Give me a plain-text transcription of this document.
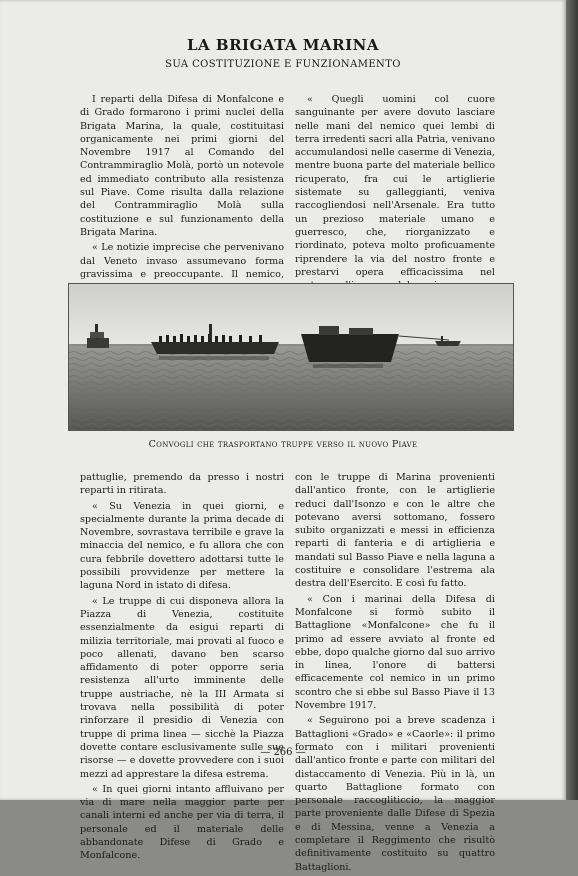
LA BRIGATA MARINA
SUA COSTITUZIONE E FUNZIONAMENTO

I reparti della Difesa di Monfalcone e di Grado formarono i primi nuclei della Brigata Marina, la quale, costituitasi organicamente nei primi giorni del Novembre 1917 al Comando del Contrammiraglio Molà, portò un notevole ed immediato contributo alla resistenza sul Piave. Come risulta dalla relazione del Contrammiraglio Molà sulla costituzione e sul funzionamento della Brigata Marina.

« Le notizie imprecise che pervenivano dal Veneto invaso assumevano forma gravissima e preoccupante. Il nemico,

« Quegli uomini col cuore sanguinante per avere dovuto lasciare nelle mani del nemico quei lembi di terra irredenti sacri alla Patria, venivano accumulandosi nelle caserme di Venezia, mentre buona parte del materiale bellico ricuperato, fra cui le artiglierie sistemate su galleggianti, veniva raccogliendosi nell'Arsenale. Era tutto un prezioso materiale umano e guerresco, che, riorganizzato e riordinato, poteva molto proficuamente riprendere la via del nostro fronte e prestarvi opera efficacissima nel

Convogli che trasportano truppe verso il nuovo Piave

pattuglie, premendo da presso i nostri reparti in ritirata.

« Su Venezia in quei giorni, e specialmente durante la prima decade di Novembre, sovrastava terribile e grave la minaccia del nemico, e fu allora che con cura febbrile dovettero adottarsi tutte le possibili provvidenze per mettere la laguna Nord in istato di difesa.

« Le truppe di cui disponeva allora la Piazza di Venezia, costituite essenzialmente da esigui reparti di milizia territoriale, mai provati al fuoco e poco allenati, davano ben scarso affidamento di poter opporre seria resistenza all'urto imminente delle truppe austriache, nè la III Armata si trovava nella possibilità di poter rinforzare il presidio di Venezia con truppe di prima linea — sicchè la Piazza dovette contare esclusivamente sulle sue risorse — e dovette provvedere con i suoi mezzi ad apprestare la difesa estrema.

« In quei giorni intanto affluivano per via di mare nella maggior parte per canali interni ed anche per via di terra, il personale ed il materiale delle abbandonate Difese di Grado e Monfalcone.

con le truppe di Marina provenienti dall'antico fronte, con le artiglierie reduci dall'Isonzo e con le altre che potevano aversi sottomano, fossero subito organizzati e messi in efficienza reparti di fanteria e di artiglieria e mandati sul Basso Piave e nella laguna a costituire e consolidare l'estrema ala destra dell'Esercito. E così fu fatto.

« Con i marinai della Difesa di Monfalcone si formò subito il Battaglione «Monfalcone» che fu il primo ad essere avviato al fronte ed ebbe, dopo qualche giorno dal suo arrivo in linea, l'onore di battersi efficacemente col nemico in un primo scontro che si ebbe sul Basso Piave il 13 Novembre 1917.

« Seguirono poi a breve scadenza i Battaglioni «Grado» e «Caorle»: il primo formato con i militari provenienti dall'antico fronte e parte con militari del distaccamento di Venezia. Più in là, un quarto Battaglione formato con personale raccogliticcio, la maggior parte proveniente dalle Difese di Spezia e di Messina, venne a Venezia a completare il Reggimento che risultò definitivamente costituito su quattro Battaglioni.

— 266 —
